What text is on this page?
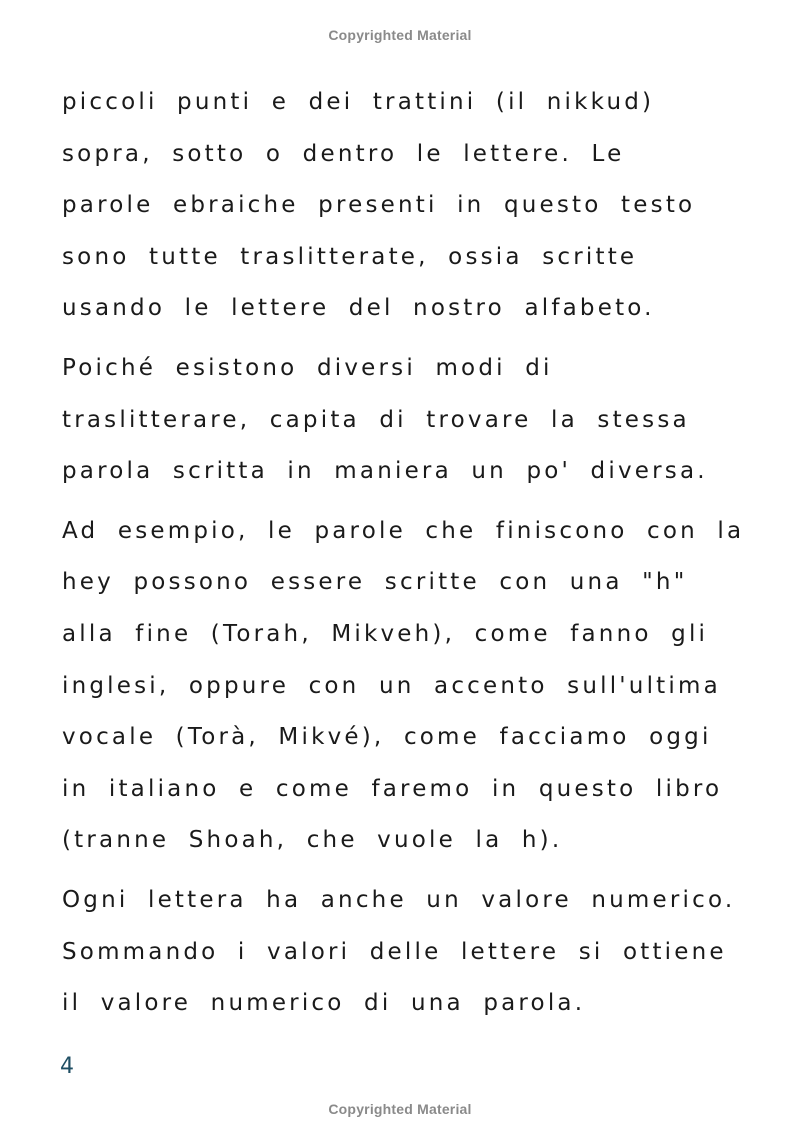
Copyrighted Material
piccoli punti e dei trattini (il nikkud)
sopra, sotto o dentro le lettere. Le
parole ebraiche presenti in questo testo
sono tutte traslitterate, ossia scritte
usando le lettere del nostro alfabeto.
Poiché esistono diversi modi di
traslitterare, capita di trovare la stessa
parola scritta in maniera un po' diversa.
Ad esempio, le parole che finiscono con la
hey possono essere scritte con una "h"
alla fine (Torah, Mikveh), come fanno gli
inglesi, oppure con un accento sull'ultima
vocale (Torà, Mikvé), come facciamo oggi
in italiano e come faremo in questo libro
(tranne Shoah, che vuole la h).
Ogni lettera ha anche un valore numerico.
Sommando i valori delle lettere si ottiene
il valore numerico di una parola.
4
Copyrighted Material
